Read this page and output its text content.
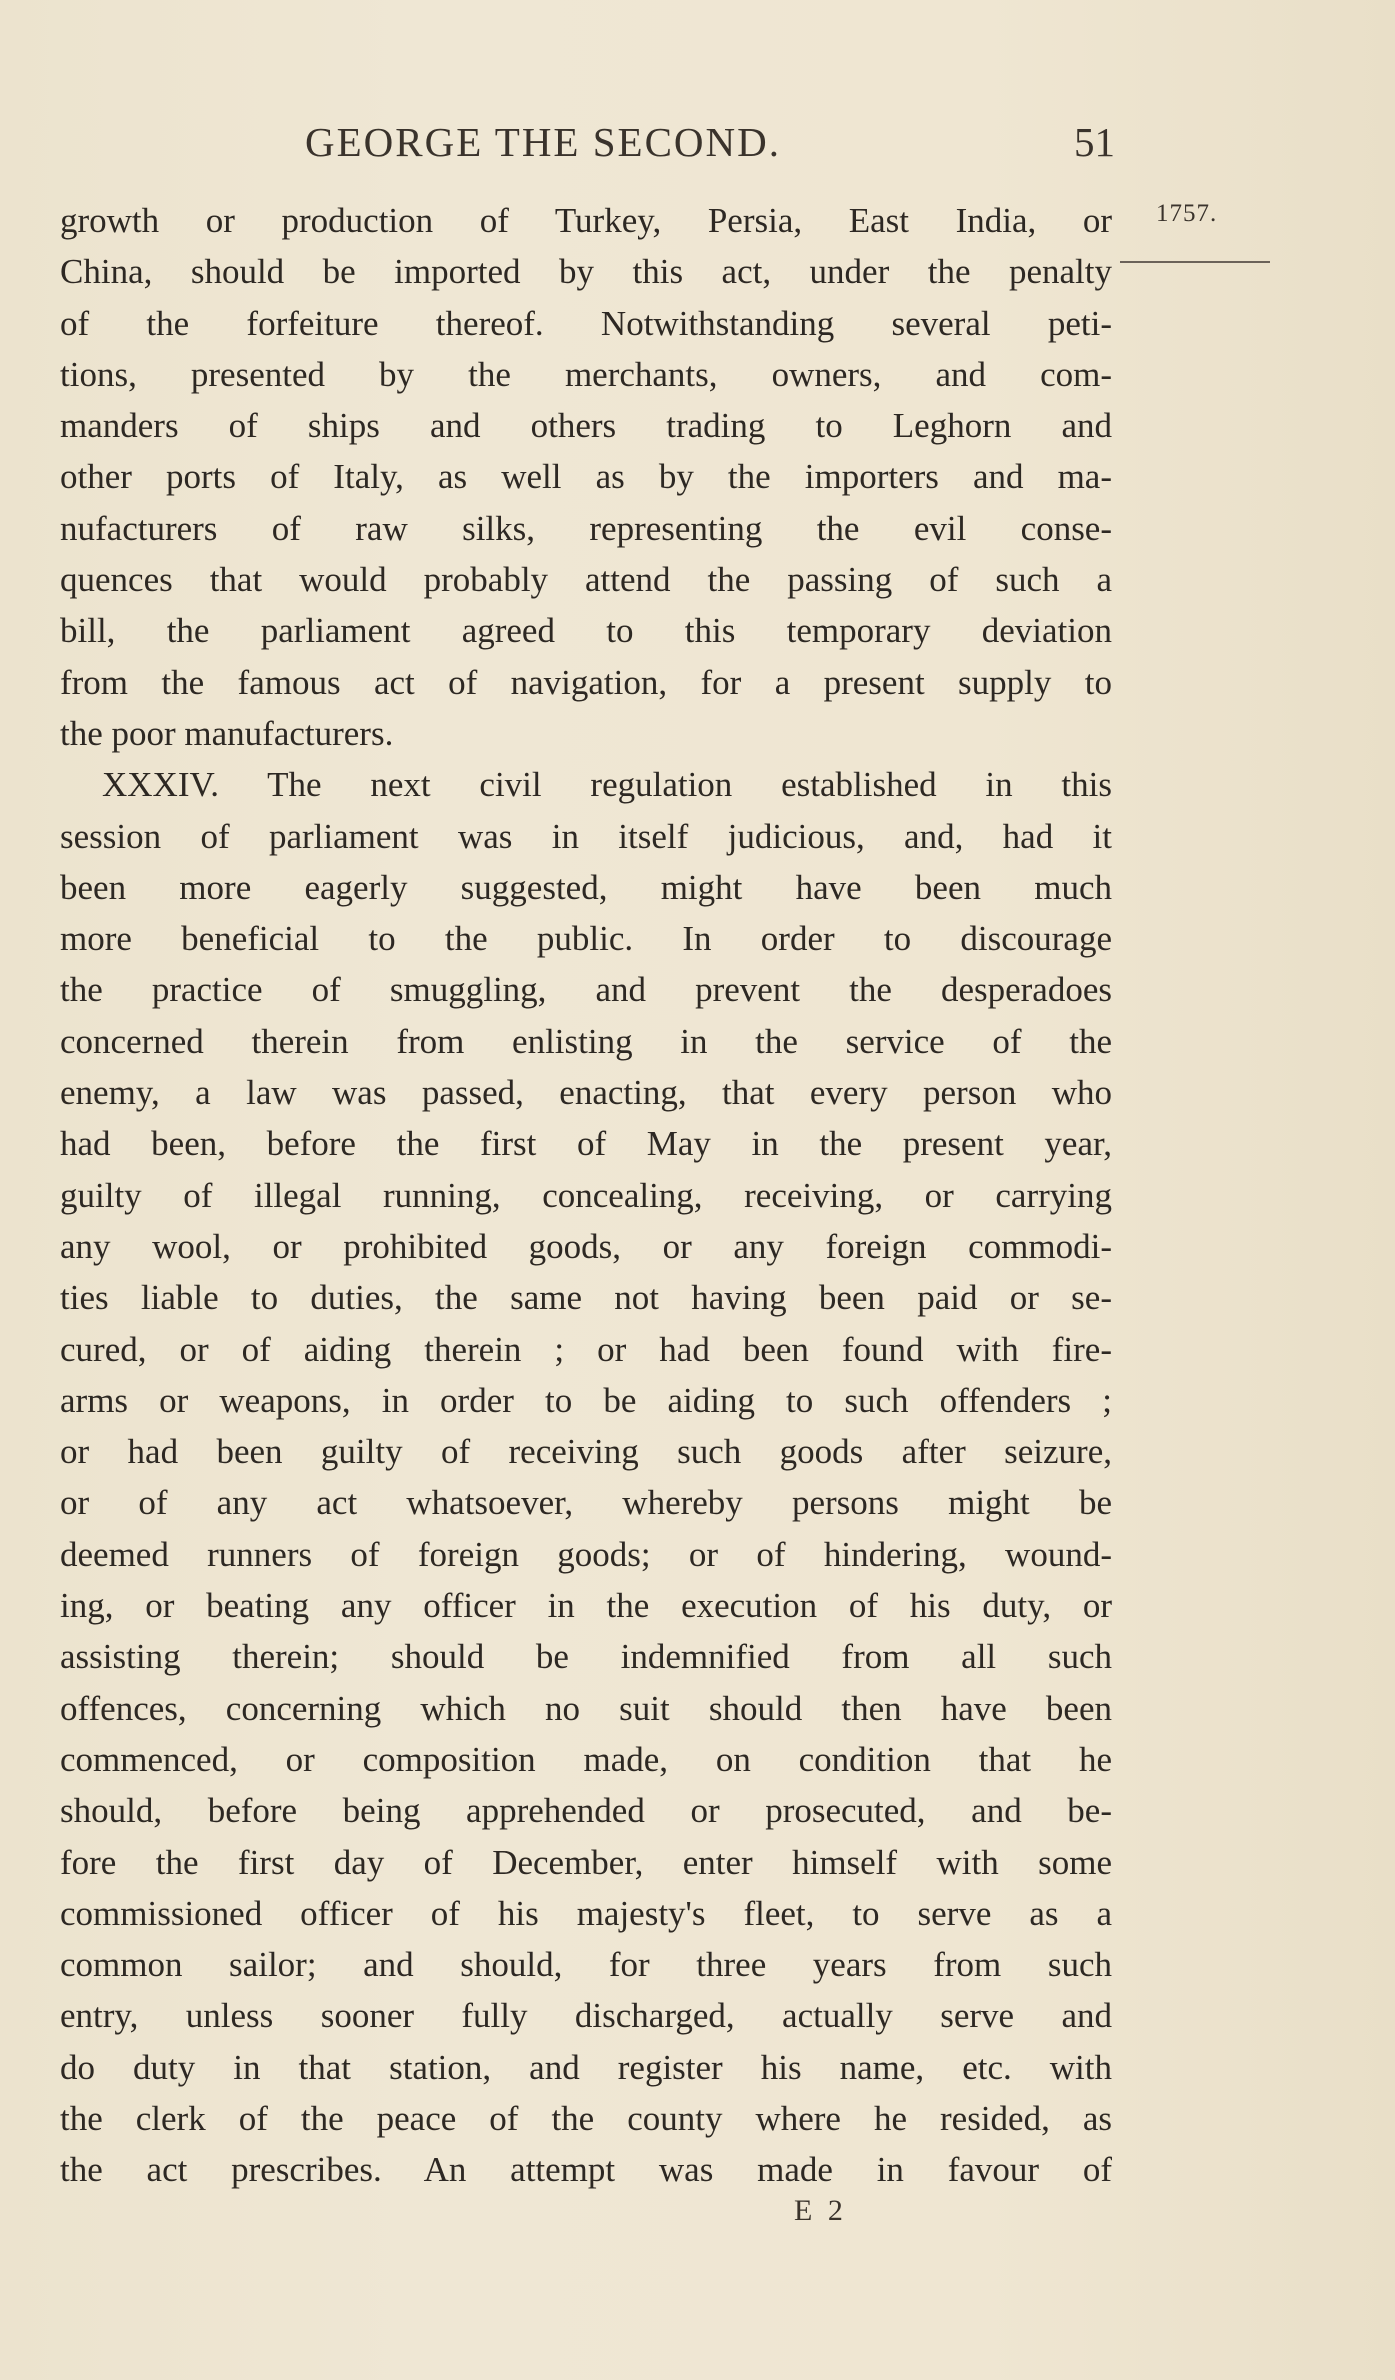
GEORGE THE SECOND.	51
1757.
growth or production of Turkey, Persia, East India, or
China, should be imported by this act, under the penalty
of the forfeiture thereof. Notwithstanding several peti-
tions, presented by the merchants, owners, and com-
manders of ships and others trading to Leghorn and
other ports of Italy, as well as by the importers and ma-
nufacturers of raw silks, representing the evil conse-
quences that would probably attend the passing of such a
bill, the parliament agreed to this temporary deviation
from the famous act of navigation, for a present supply to
the poor manufacturers.
XXXIV. The next civil regulation established in this
session of parliament was in itself judicious, and, had it
been more eagerly suggested, might have been much
more beneficial to the public. In order to discourage
the practice of smuggling, and prevent the desperadoes
concerned therein from enlisting in the service of the
enemy, a law was passed, enacting, that every person who
had been, before the first of May in the present year,
guilty of illegal running, concealing, receiving, or carrying
any wool, or prohibited goods, or any foreign commodi-
ties liable to duties, the same not having been paid or se-
cured, or of aiding therein ; or had been found with fire-
arms or weapons, in order to be aiding to such offenders ;
or had been guilty of receiving such goods after seizure,
or of any act whatsoever, whereby persons might be
deemed runners of foreign goods; or of hindering, wound-
ing, or beating any officer in the execution of his duty, or
assisting therein; should be indemnified from all such
offences, concerning which no suit should then have been
commenced, or composition made, on condition that he
should, before being apprehended or prosecuted, and be-
fore the first day of December, enter himself with some
commissioned officer of his majesty's fleet, to serve as a
common sailor; and should, for three years from such
entry, unless sooner fully discharged, actually serve and
do duty in that station, and register his name, etc. with
the clerk of the peace of the county where he resided, as
the act prescribes. An attempt was made in favour of
E 2
